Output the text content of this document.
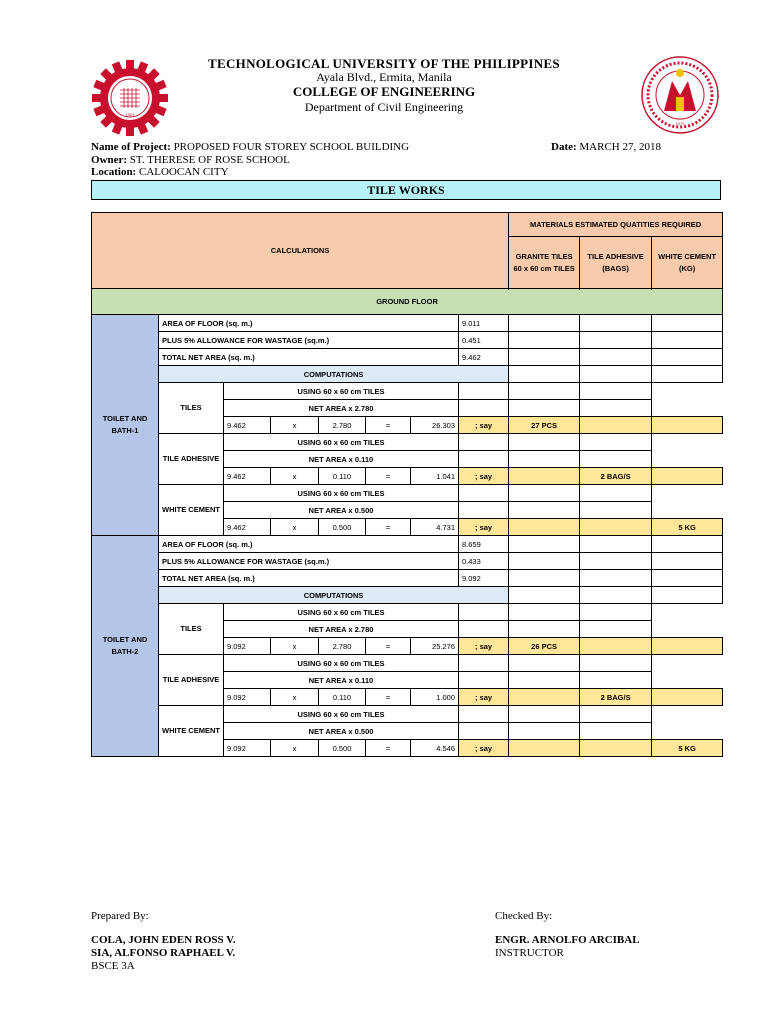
1901
1975
TECHNOLOGICAL UNIVERSITY OF THE PHILIPPINES
Ayala Blvd., Ermita, Manila
COLLEGE OF ENGINEERING
Department of Civil Engineering
Name of Project: PROPOSED FOUR STOREY SCHOOL BUILDING	Date: MARCH 27, 2018
Owner: ST. THERESE OF ROSE SCHOOL
Location: CALOOCAN CITY
TILE WORKS
CALCULATIONS								MATERIALS ESTIMATED QUATITIES REQUIRED		
								GRANITE TILES 60 x 60 cm TILES	TILE ADHESIVE (BAGS)	WHITE CEMENT (KG)

GROUND FLOOR										
TOILET AND BATH-1	AREA OF FLOOR (sq. m.)						9.011			
	PLUS 5% ALLOWANCE FOR WASTAGE (sq.m.)						0.451			
	TOTAL NET AREA (sq. m.)						9.462			
	COMPUTATIONS									
	TILES	USING 60 x 60 cm TILES								
		NET AREA x 2.780								
		9.462	x	2.780	=	26.303	; say	27 PCS		
	TILE ADHESIVE	USING 60 x 60 cm TILES								
		NET AREA x 0.110								
		9.462	x	0.110	=	1.041	; say		2 BAG/S	
	WHITE CEMENT	USING 60 x 60 cm TILES								
		NET AREA x 0.500								
		9.462	x	0.500	=	4.731	; say			5 KG
TOILET AND BATH-2	AREA OF FLOOR (sq. m.)						8.659			
	PLUS 5% ALLOWANCE FOR WASTAGE (sq.m.)						0.433			
	TOTAL NET AREA (sq. m.)						9.092			
	COMPUTATIONS									
	TILES	USING 60 x 60 cm TILES								
		NET AREA x 2.780								
		9.092	x	2.780	=	25.276	; say	26 PCS		
	TILE ADHESIVE	USING 60 x 60 cm TILES								
		NET AREA x 0.110								
		9.092	x	0.110	=	1.000	; say		2 BAG/S	
	WHITE CEMENT	USING 60 x 60 cm TILES								
		NET AREA x 0.500								
		9.092	x	0.500	=	4.546	; say			5 KG
Prepared By:
COLA, JOHN EDEN ROSS V.
SIA, ALFONSO RAPHAEL V.
BSCE 3A
Checked By:
ENGR. ARNOLFO ARCIBAL
INSTRUCTOR
